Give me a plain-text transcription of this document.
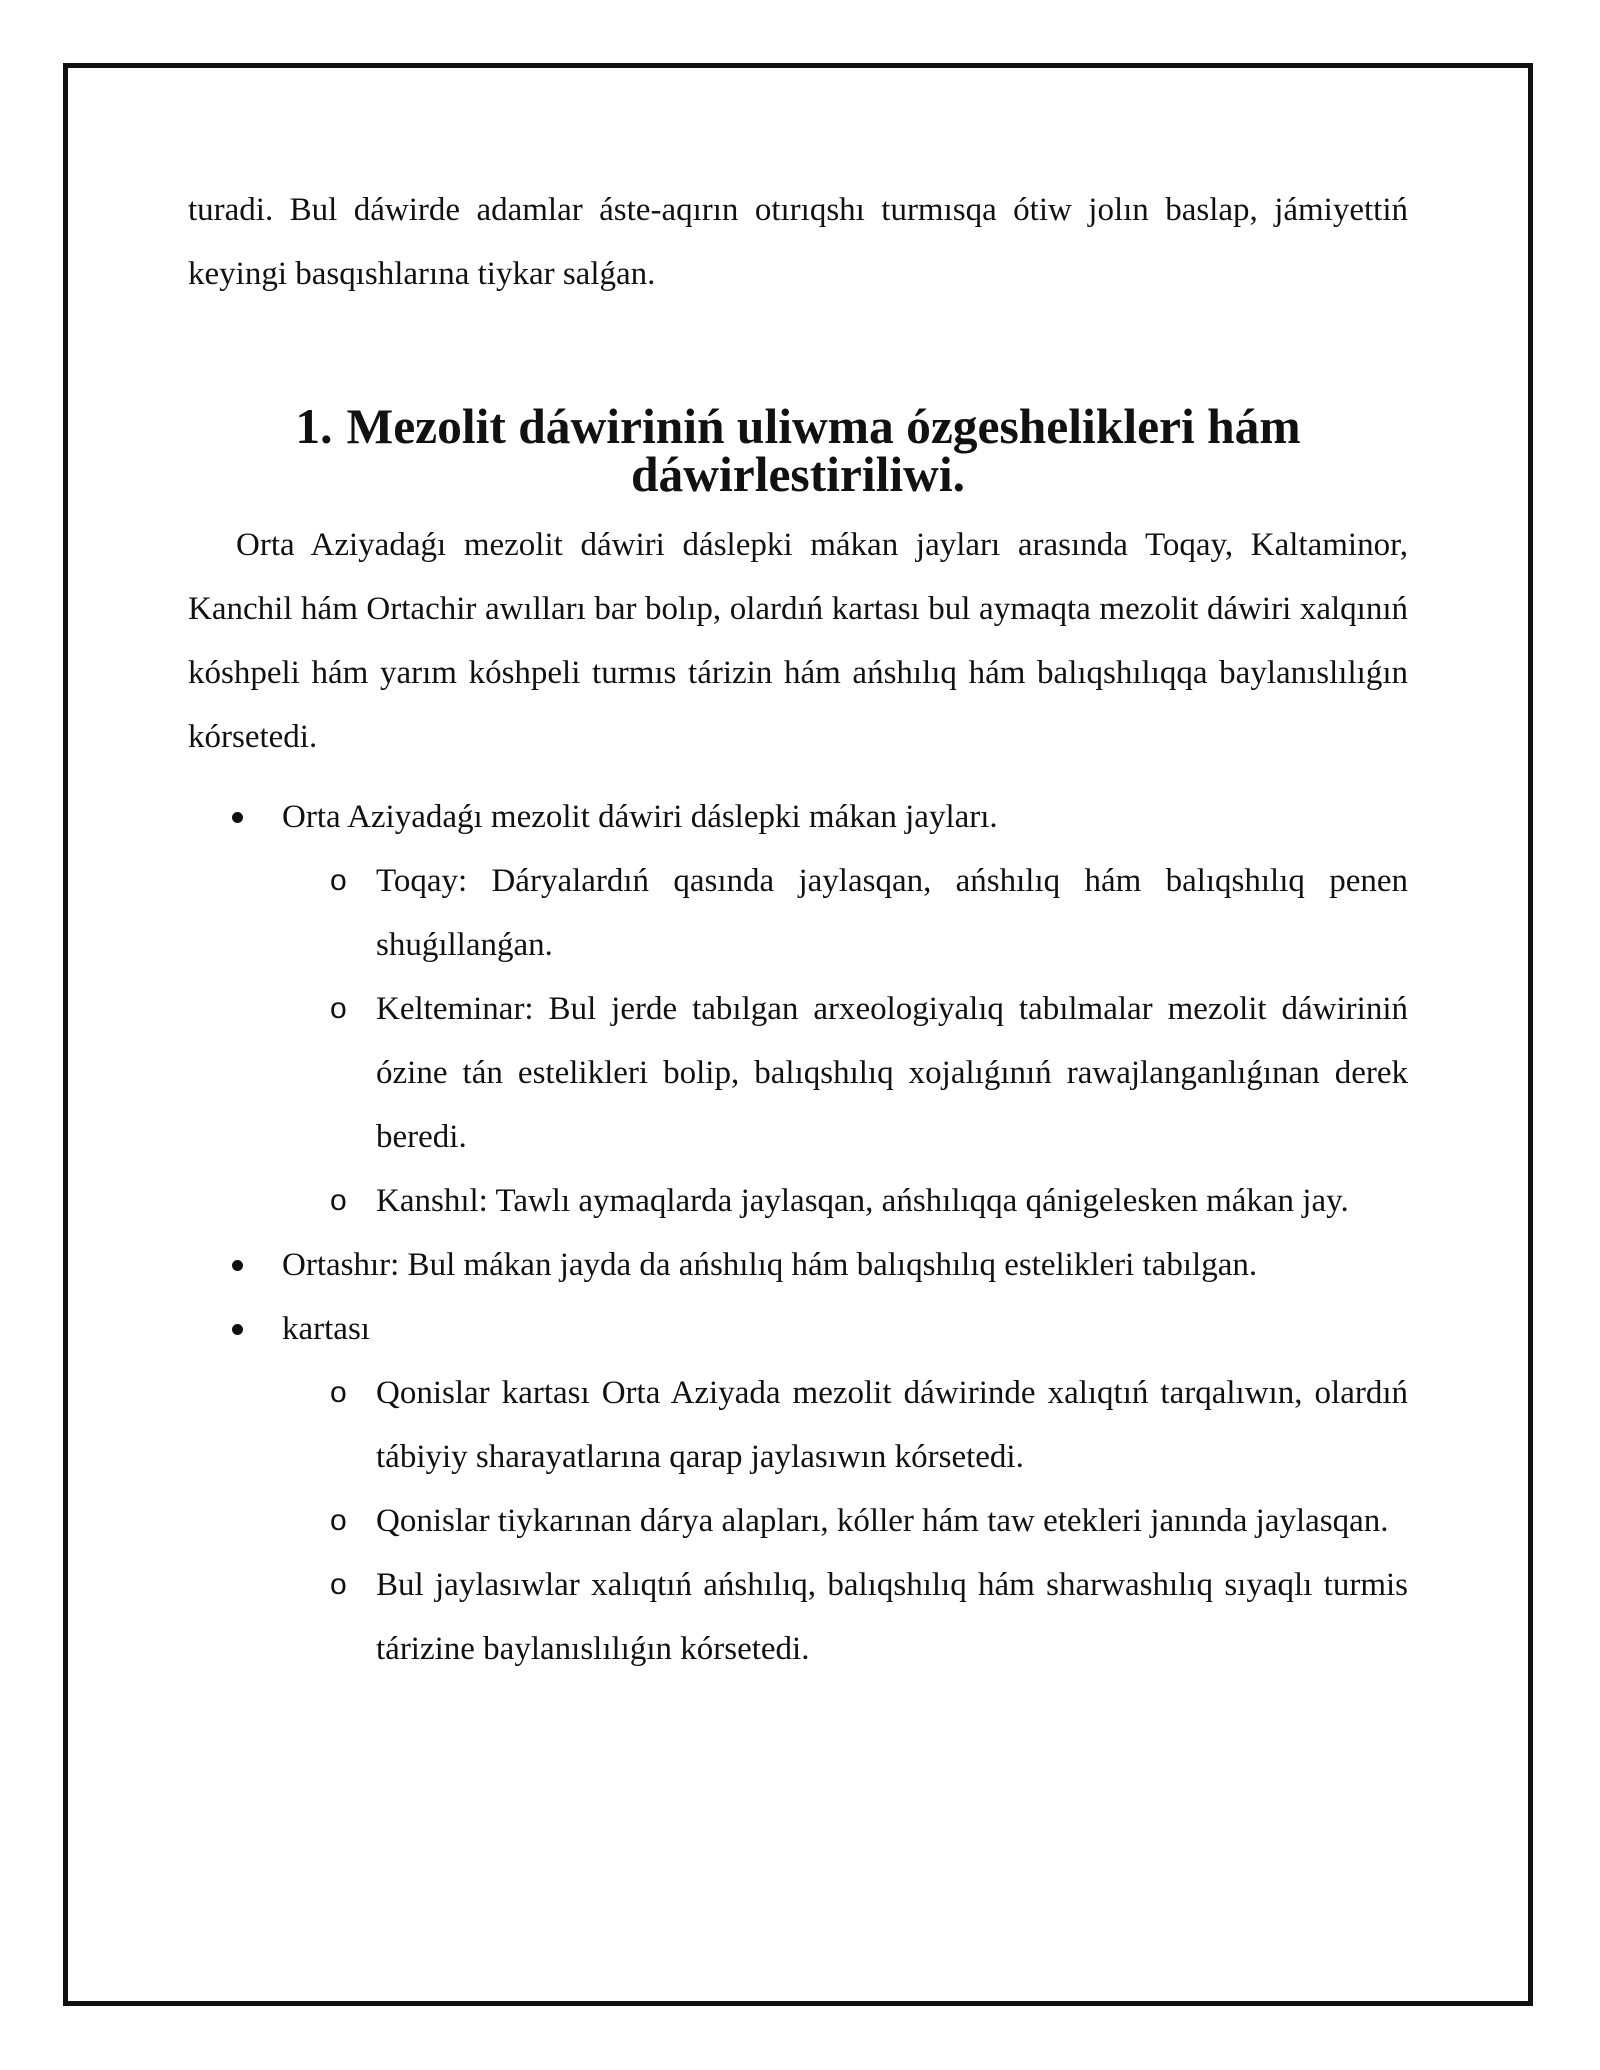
turadi. Bul dáwirde adamlar áste-aqırın otırıqshı turmısqa ótiw jolın baslap, jámiyettiń keyingi basqıshlarına tiykar salǵan.

1. Mezolit dáwiriniń uliwma ózgeshelikleri hám dáwirlestiriliwi.

Orta Aziyadaǵı mezolit dáwiri dáslepki mákan jayları arasında Toqay, Kaltaminor, Kanchil hám Ortachir awılları bar bolıp, olardıń kartası bul aymaqta mezolit dáwiri xalqınıń kóshpeli hám yarım kóshpeli turmıs tárizin hám ańshılıq hám balıqshılıqqa baylanıslılıǵın kórsetedi.

Orta Aziyadaǵı mezolit dáwiri dáslepki mákan jayları.
o Toqay: Dáryalardıń qasında jaylasqan, ańshılıq hám balıqshılıq penen shuǵıllanǵan.
o Kelteminar: Bul jerde tabılgan arxeologiyalıq tabılmalar mezolit dáwiriniń ózine tán estelikleri bolip, balıqshılıq xojalıǵınıń rawajlanganlıǵınan derek beredi.
o Kanshıl: Tawlı aymaqlarda jaylasqan, ańshılıqqa qánigelesken mákan jay.
Ortashır: Bul mákan jayda da ańshılıq hám balıqshılıq estelikleri tabılgan.
kartası
o Qonislar kartası Orta Aziyada mezolit dáwirinde xalıqtıń tarqalıwın, olardıń tábiyiy sharayatlarına qarap jaylasıwın kórsetedi.
o Qonislar tiykarınan dárya alapları, kóller hám taw etekleri janında jaylasqan.
o Bul jaylasıwlar xalıqtıń ańshılıq, balıqshılıq hám sharwashılıq sıyaqlı turmis tárizine baylanıslılıǵın kórsetedi.
